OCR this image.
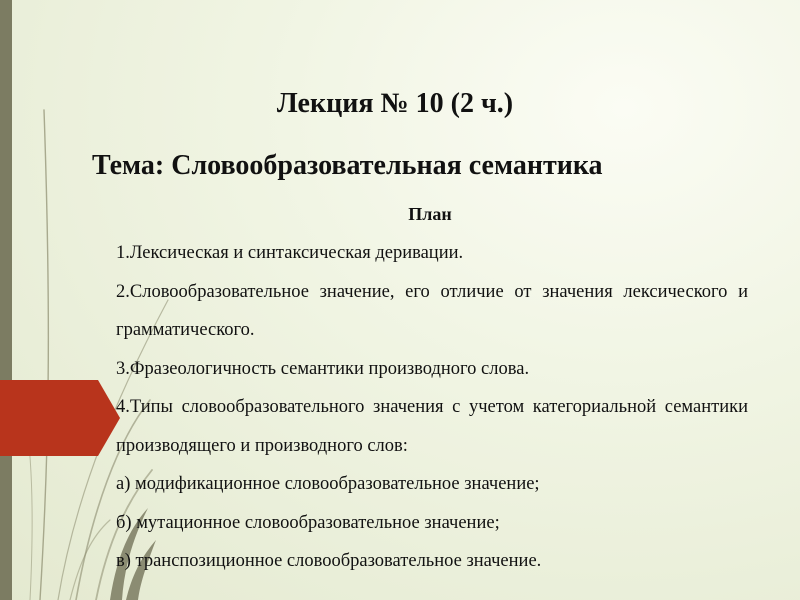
Лекция № 10 (2 ч.)
Тема: Словообразовательная семантика
План
1.Лексическая и синтаксическая деривации.
2.Словообразовательное значение, его отличие от значения лексического и грамматического.
3.Фразеологичность семантики производного слова.
4.Типы словообразовательного значения с учетом категориальной семантики производящего и производного слов:
а) модификационное словообразовательное значение;
б) мутационное словообразовательное значение;
в) транспозиционное словообразовательное значение.
